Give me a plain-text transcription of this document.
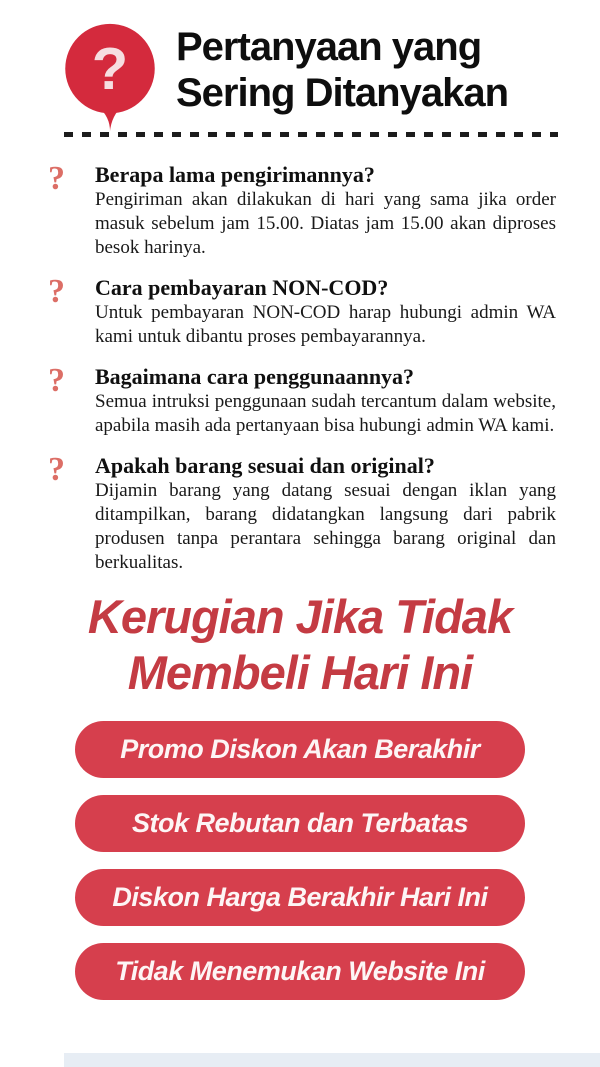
? Pertanyaan yang
Sering Ditanyakan
?	Berapa lama pengirimannya?
Pengiriman akan dilakukan di hari yang sama jika order masuk sebelum jam 15.00. Diatas jam 15.00 akan diproses besok harinya.
?	Cara pembayaran NON-COD?
Untuk pembayaran NON-COD harap hubungi admin WA kami untuk dibantu proses pembayarannya.
?	Bagaimana cara penggunaannya?
Semua intruksi penggunaan sudah tercantum dalam website, apabila masih ada pertanyaan bisa hubungi admin WA kami.
?	Apakah barang sesuai dan original?
Dijamin barang yang datang sesuai dengan iklan yang ditampilkan, barang didatangkan langsung dari pabrik produsen tanpa perantara sehingga barang original dan berkualitas.
Kerugian Jika Tidak
Membeli Hari Ini
Promo Diskon Akan Berakhir
Stok Rebutan dan Terbatas
Diskon Harga Berakhir Hari Ini
Tidak Menemukan Website Ini
